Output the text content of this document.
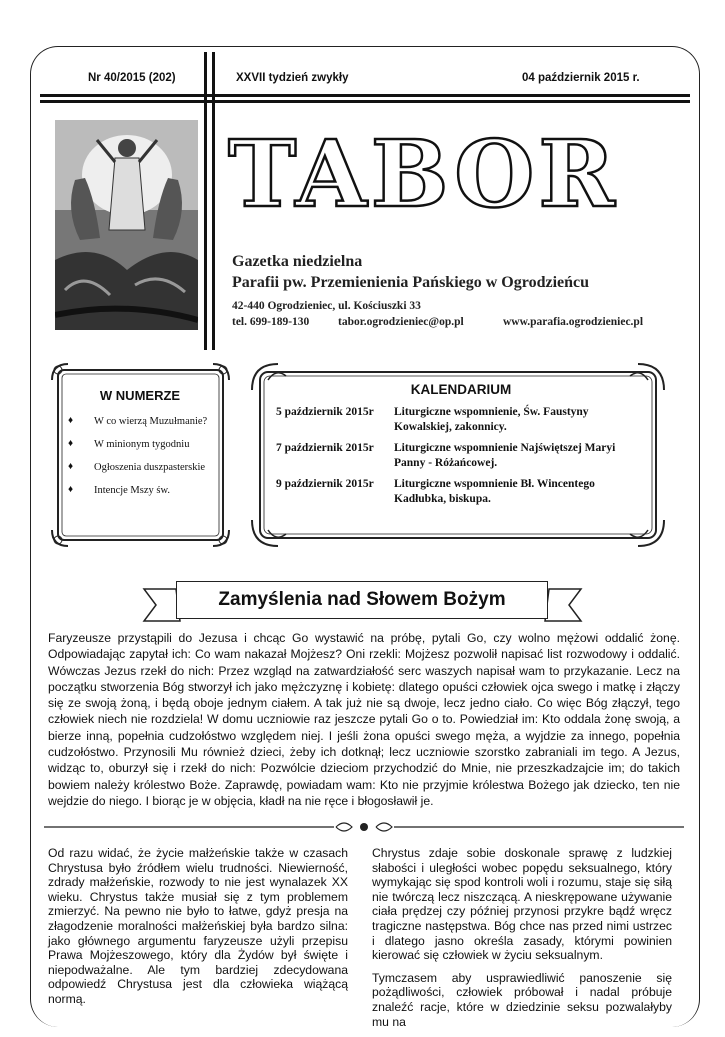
Nr 40/2015 (202)	XXVII tydzień zwykły	04 październik 2015 r.
TABOR
Gazetka niedzielna
Parafii pw. Przemienienia Pańskiego w Ogrodzieńcu
42-440 Ogrodzieniec, ul. Kościuszki 33
tel. 699-189-130 tabor.ogrodzieniec@op.pl	www.parafia.ogrodzieniec.pl
W NUMERZE
♦ W co wierzą Muzułmanie?
♦ W minionym tygodniu
♦ Ogłoszenia duszpasterskie
♦ Intencje Mszy św.
KALENDARIUM
5 październik 2015r	Liturgiczne wspomnienie, Św. Faustyny Kowalskiej, zakonnicy.
7 październik 2015r	Liturgiczne wspomnienie Najświętszej Maryi Panny - Różańcowej.
9 październik 2015r	Liturgiczne wspomnienie Bł. Wincentego Kadłubka, biskupa.
Zamyślenia nad Słowem Bożym
Faryzeusze przystąpili do Jezusa i chcąc Go wystawić na próbę, pytali Go, czy wolno mężowi oddalić żonę. Odpowiadając zapytał ich: Co wam nakazał Mojżesz? Oni rzekli: Mojżesz pozwolił napisać list rozwodowy i oddalić. Wówczas Jezus rzekł do nich: Przez wzgląd na zatwardziałość serc waszych napisał wam to przykazanie. Lecz na początku stworzenia Bóg stworzył ich jako mężczyznę i kobietę: dlatego opuści człowiek ojca swego i matkę i złączy się ze swoją żoną, i będą oboje jednym ciałem. A tak już nie są dwoje, lecz jedno ciało. Co więc Bóg złączył, tego człowiek niech nie rozdziela! W domu uczniowie raz jeszcze pytali Go o to. Powiedział im: Kto oddala żonę swoją, a bierze inną, popełnia cudzołóstwo względem niej. I jeśli żona opuści swego męża, a wyjdzie za innego, popełnia cudzołóstwo. Przynosili Mu również dzieci, żeby ich dotknął; lecz uczniowie szorstko zabraniali im tego. A Jezus, widząc to, oburzył się i rzekł do nich: Pozwólcie dzieciom przychodzić do Mnie, nie przeszkadzajcie im; do takich bowiem należy królestwo Boże. Zaprawdę, powiadam wam: Kto nie przyjmie królestwa Bożego jak dziecko, ten nie wejdzie do niego. I biorąc je w objęcia, kładł na nie ręce i błogosławił je.

Od razu widać, że życie małżeńskie także w czasach Chrystusa było źródłem wielu trudności. Niewierność, zdrady małżeńskie, rozwody to nie jest wynalazek XX wieku. Chrystus także musiał się z tym problemem zmierzyć. Na pewno nie było to łatwe, gdyż presja na złagodzenie moralności małżeńskiej była bardzo silna: jako głównego argumentu faryzeusze użyli przepisu Prawa Mojżeszowego, który dla Żydów był święte i niepodważalne. Ale tym bardziej zdecydowana odpowiedź Chrystusa jest dla człowieka wiążącą normą.

Chrystus zdaje sobie doskonale sprawę z ludzkiej słabości i uległości wobec popędu seksualnego, który wymykając się spod kontroli woli i rozumu, staje się siłą nie twórczą lecz niszczącą. A nieskrępowane używanie ciała prędzej czy później przynosi przykre bądź wręcz tragiczne następstwa. Bóg chce nas przed nimi ustrzec i dlatego jasno określa zasady, którymi powinien kierować się człowiek w życiu seksualnym.

Tymczasem aby usprawiedliwić panoszenie się pożądliwości, człowiek próbował i nadal próbuje znaleźć racje, które w dziedzinie seksu pozwalałyby mu na
